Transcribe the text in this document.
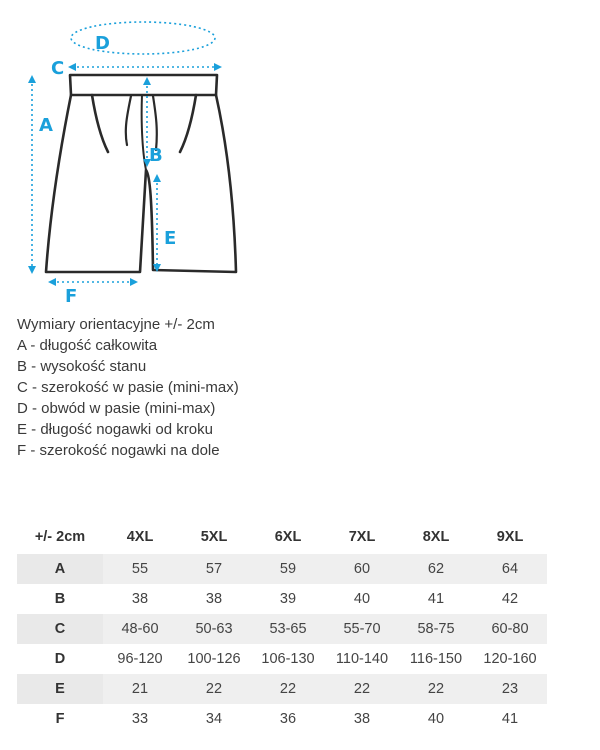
D
C
A
B
E
F
Wymiary orientacyjne +/- 2cm
A - długość całkowita
B - wysokość stanu
C - szerokość w pasie (mini-max)
D - obwód w pasie (mini-max)
E - długość nogawki od kroku
F - szerokość nogawki na dole
+/- 2cm	4XL	5XL	6XL	7XL	8XL	9XL
A	55	57	59	60	62	64
B	38	38	39	40	41	42
C	48-60	50-63	53-65	55-70	58-75	60-80
D	96-120	100-126	106-130	110-140	116-150	120-160
E	21	22	22	22	22	23
F	33	34	36	38	40	41
